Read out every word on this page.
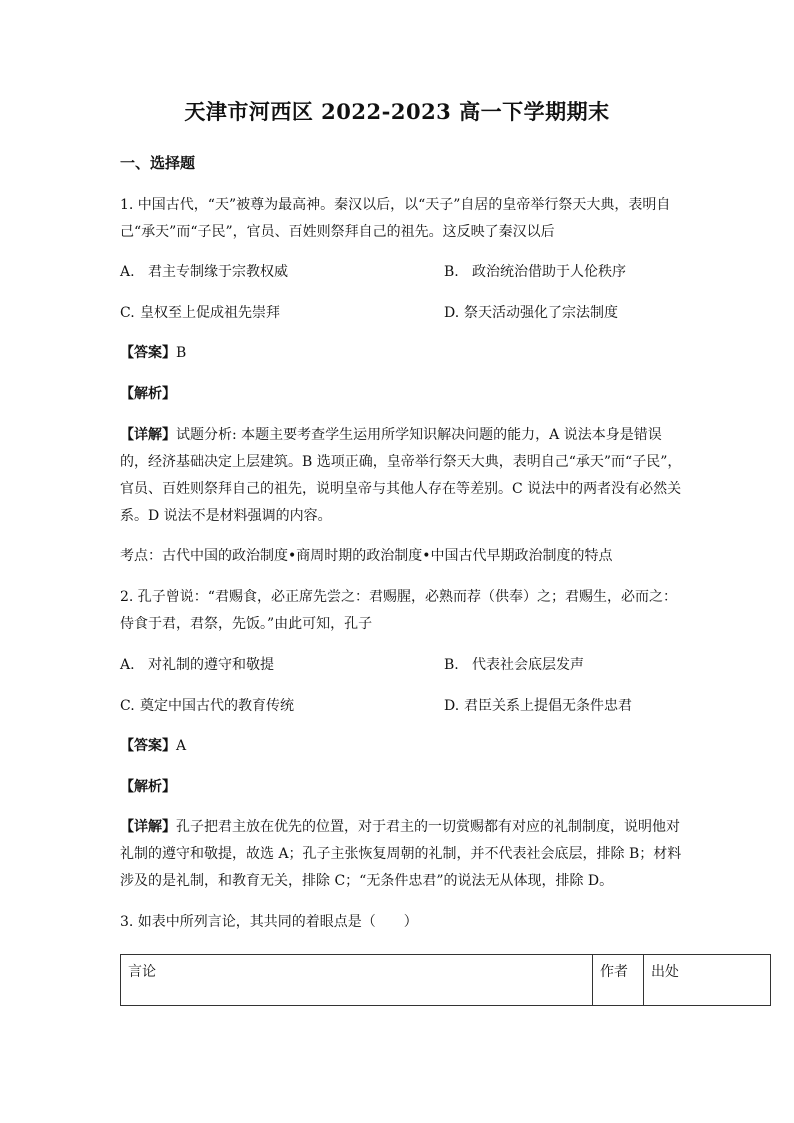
天津市河西区 2022-2023 高一下学期期末
一、选择题
1. 中国古代，“天”被尊为最高神。秦汉以后，以“天子”自居的皇帝举行祭天大典，表明自己“承天”而“子民”，官员、百姓则祭拜自己的祖先。这反映了秦汉以后
A. 君主专制缘于宗教权威	B. 政治统治借助于人伦秩序
C. 皇权至上促成祖先崇拜	D. 祭天活动强化了宗法制度
【答案】B
【解析】
【详解】试题分析: 本题主要考查学生运用所学知识解决问题的能力，A 说法本身是错误的，经济基础决定上层建筑。B 选项正确，皇帝举行祭天大典，表明自己“承天”而“子民”，官员、百姓则祭拜自己的祖先，说明皇帝与其他人存在等差别。C 说法中的两者没有必然关系。D 说法不是材料强调的内容。
考点：古代中国的政治制度•商周时期的政治制度•中国古代早期政治制度的特点
2. 孔子曾说：“君赐食，必正席先尝之：君赐腥，必熟而荐（供奉）之；君赐生，必而之：侍食于君，君祭，先饭。”由此可知，孔子
A. 对礼制的遵守和敬提	B. 代表社会底层发声
C. 奠定中国古代的教育传统	D. 君臣关系上提倡无条件忠君
【答案】A
【解析】
【详解】孔子把君主放在优先的位置，对于君主的一切赏赐都有对应的礼制制度，说明他对礼制的遵守和敬提，故选 A；孔子主张恢复周朝的礼制，并不代表社会底层，排除 B；材料涉及的是礼制，和教育无关，排除 C；“无条件忠君”的说法无从体现，排除 D。
3. 如表中所列言论，其共同的着眼点是（　　）
言论	作者	出处
